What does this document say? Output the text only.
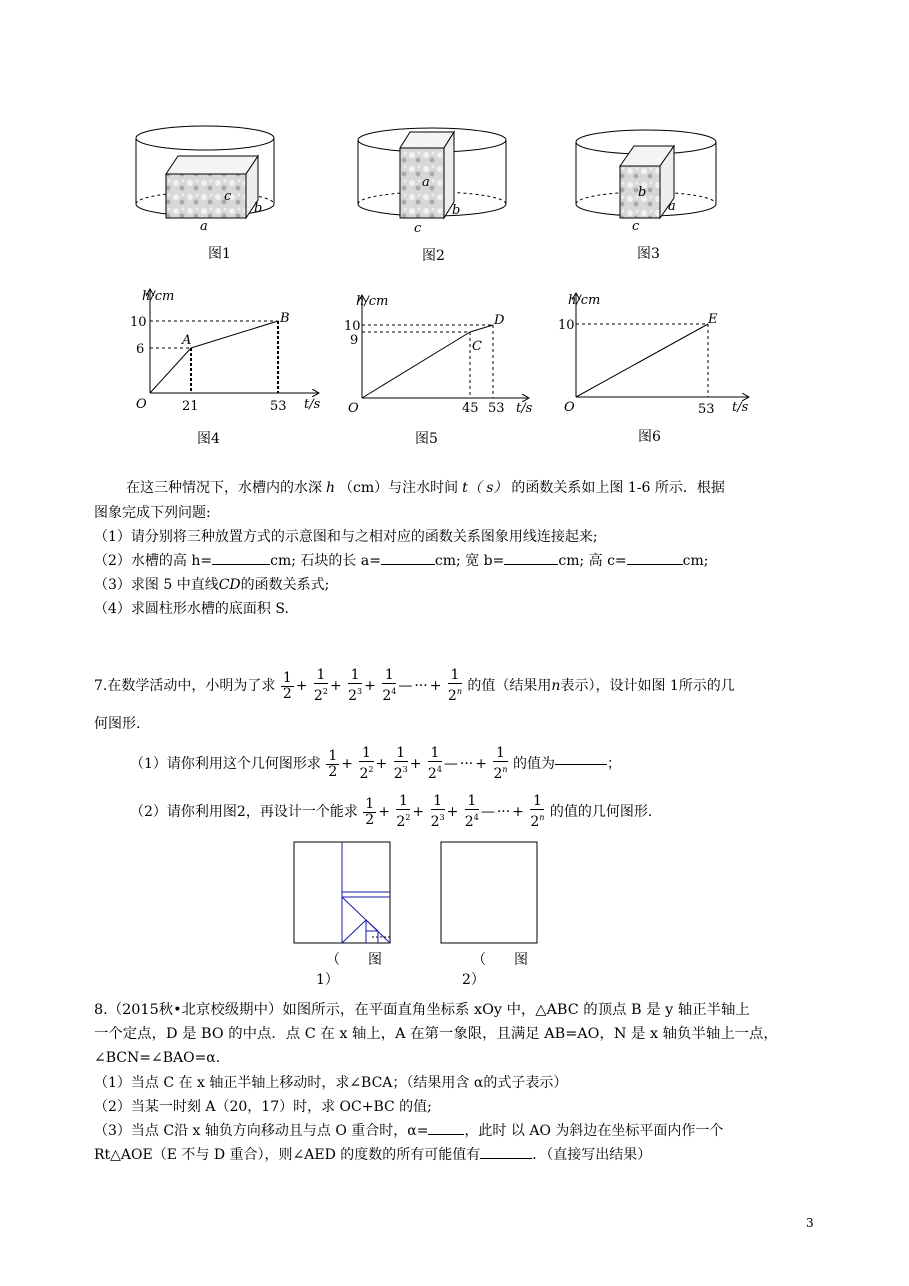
c
b
a
图1
a
b
c
图2
b
a
c
图3
h/cm
t/s
O
10
6
21	53
A
B
图4
h/cm
t/s
O
10
9
45 53
C
D
图5
h/cm
t/s
O
10
53
E
图6
在这三种情况下，水槽内的水深 h （cm）与注水时间 t（ s） 的函数关系如上图 1-6 所示．根据
图象完成下列问题:
（1）请分别将三种放置方式的示意图和与之相对应的函数关系图象用线连接起来;
（2）水槽的高 h=	cm; 石块的长 a=	cm; 宽 b=	cm; 高 c=	cm;
（3）求图 5 中直线CD的函数关系式;
（4）求圆柱形水槽的底面积 S.
7.在数学活动中，小明为了求 $\frac{1}{2} + \frac{1}{2^2} + \frac{1}{2^3} + \frac{1}{2^4}$ — ··· + $\frac{1}{2^n}$ 的值（结果用n表示），设计如图 1所示的几
何图形.
（1）请你利用这个几何图形求 $\frac{1}{2} + \frac{1}{2^2} + \frac{1}{2^3} + \frac{1}{2^4}$ — ··· + $\frac{1}{2^n}$ 的值为	；
（2）请你利用图2，再设计一个能求 $\frac{1}{2} + \frac{1}{2^2} + \frac{1}{2^3} + \frac{1}{2^4}$ — ··· + $\frac{1}{2^n}$ 的值的几何图形.
（　　图
1）
（　　图
2）
8.（2015秋•北京校级期中）如图所示，在平面直角坐标系 xOy 中，△ABC 的顶点 B 是 y 轴正半轴上
一个定点，D 是 BO 的中点．点 C 在 x 轴上，A 在第一象限，且满足 AB=AO，N 是 x 轴负半轴上一点，
∠BCN=∠BAO=α.
（1）当点 C 在 x 轴正半轴上移动时，求∠BCA；（结果用含 α的式子表示）
（2）当某一时刻 A（20，17）时，求 OC+BC 的值;
（3）当点 C沿 x 轴负方向移动且与点 O 重合时，α=	，此时 以 AO 为斜边在坐标平面内作一个
Rt△AOE（E 不与 D 重合），则∠AED 的度数的所有可能值有	．（直接写出结果）
3
